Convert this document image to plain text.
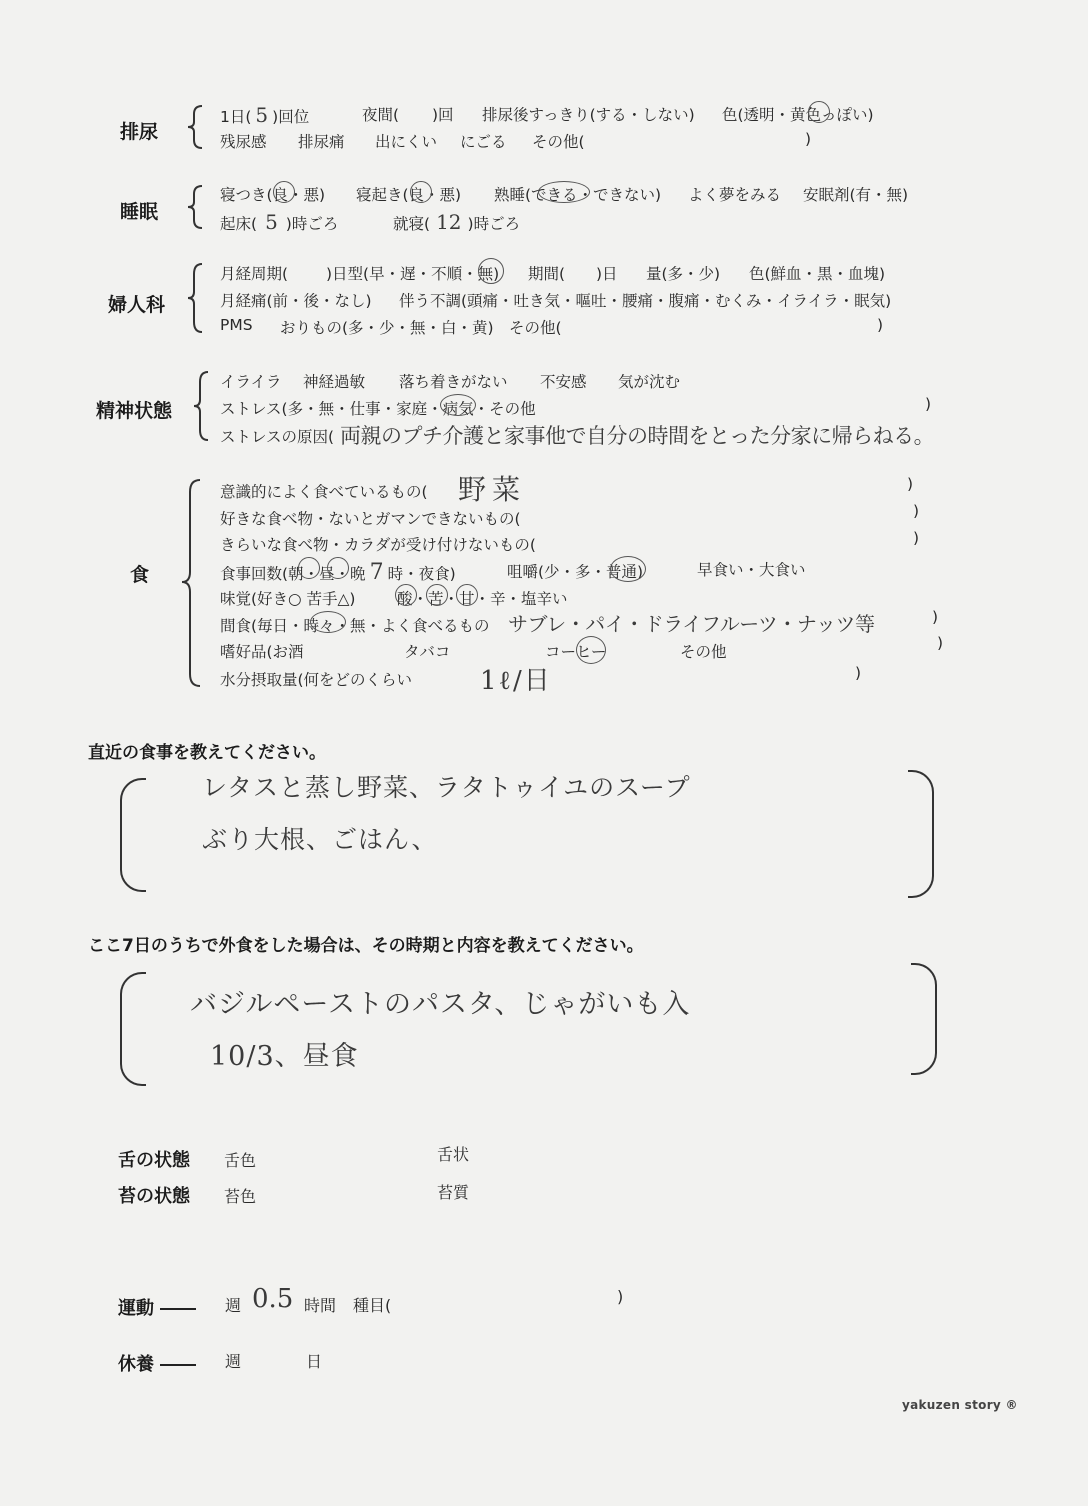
排尿
1日( 5 )回位	夜間( )回 排尿後すっきり(する・しない) 色(透明・黄色っぽい)
残尿感 排尿痛 出にくい にごる その他(	)
睡眠
寝つき(良・悪) 寝起き(良・悪) 熟睡(できる・できない) よく夢をみる 安眠剤(有・無)
起床( 5 )時ごろ	就寝( 12 )時ごろ
婦人科
月経周期( )日型(早・遅・不順・無) 期間( )日 量(多・少) 色(鮮血・黒・血塊)
月経痛(前・後・なし) 伴う不調(頭痛・吐き気・嘔吐・腰痛・腹痛・むくみ・イライラ・眠気)
PMS おりもの(多・少・無・白・黄) その他(	)
精神状態
イライラ 神経過敏 落ち着きがない 不安感 気が沈む
ストレス(多・無・仕事・家庭・病気・その他	)
ストレスの原因( 両親のプチ介護と家事他で自分の時間をとった分家に帰らねる。
食
意識的によく食べているもの( 野菜	)
好きな食べ物・ないとガマンできないもの(	)
きらいな食べ物・カラダが受け付けないもの(	)
食事回数(朝・昼・晩 7 時・夜食)	咀嚼(少・多・普通)	早食い・大食い
味覚(好き○ 苦手△)	酸・苦・甘・辛・塩辛い
間食(毎日・時々・無・よく食べるもの サブレ・パイ・ドライフルーツ・ナッツ等	)
嗜好品(お酒	タバコ	コーヒー	その他	)
水分摂取量(何をどのくらい	1ℓ/日	)
直近の食事を教えてください。
レタスと蒸し野菜、ラタトゥイユのスープ
ぶり大根、ごはん、
ここ7日のうちで外食をした場合は、その時期と内容を教えてください。
バジルペーストのパスタ、じゃがいも入
10/3、昼食
舌の状態 舌色	舌状
苔の状態 苔色	苔質
運動	週 0.5 時間 種目(	)
休養	週	日
yakuzen story ®
